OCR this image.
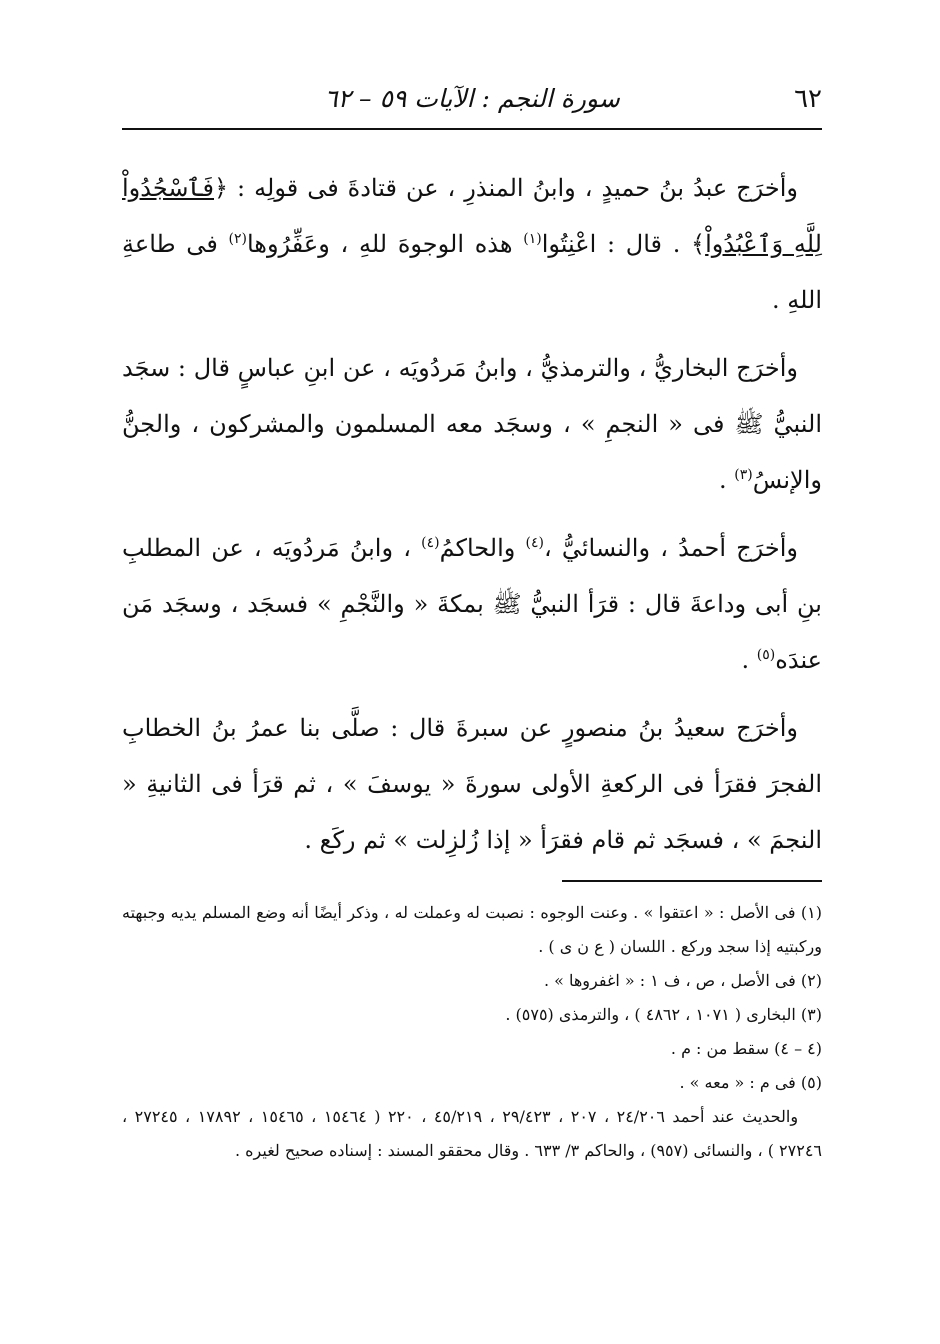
٦٢
سورة النجم : الآيات ٥٩ – ٦٢

وأخرَج عبدُ بنُ حميدٍ ، وابنُ المنذرِ ، عن قتادةَ فى قولِه : ﴿فَٱسْجُدُواْ لِلَّهِ وَٱعْبُدُواْ﴾ . قال : اعْنِتُوا$^{(١)}$ هذه الوجوهَ للهِ ، وعَفِّرُوها$^{(٢)}$ فى طاعةِ اللهِ .

وأخرَج البخاريُّ ، والترمذيُّ ، وابنُ مَردُويَه ، عن ابنِ عباسٍ قال : سجَد النبيُّ ﷺ فى « النجمِ » ، وسجَد معه المسلمون والمشركون ، والجنُّ والإنسُ$^{(٣)}$ .

وأخرَج أحمدُ ، والنسائيُّ ،$^{(٤)}$ والحاكمُ$^{(٤)}$ ، وابنُ مَردُويَه ، عن المطلبِ بنِ أبى وداعةَ قال : قرَأ النبيُّ ﷺ بمكةَ « والنَّجْمِ » فسجَد ، وسجَد مَن عندَه$^{(٥)}$ .

وأخرَج سعيدُ بنُ منصورٍ عن سبرةَ قال : صلَّى بنا عمرُ بنُ الخطابِ الفجرَ فقرَأ فى الركعةِ الأولى سورةَ « يوسفَ » ، ثم قرَأ فى الثانيةِ « النجمَ » ، فسجَد ثم قام فقرَأ « إذا زُلزِلت » ثم ركَع .

(١) فى الأصل : « اعتقوا » . وعنت الوجوه : نصبت له وعملت له ، وذكر أيضًا أنه وضع المسلم يديه وجبهته وركبتيه إذا سجد وركع . اللسان ( ع ن ى ) .

(٢) فى الأصل ، ص ، ف ١ : « اغفروها » .

(٣) البخارى ( ١٠٧١ ، ٤٨٦٢ ) ، والترمذى (٥٧٥) .

(٤ – ٤) سقط من : م .

(٥) فى م : « معه » .

والحديث عند أحمد ٢٤/٢٠٦ ، ٢٠٧ ، ٢٩/٤٢٣ ، ٤٥/٢١٩ ، ٢٢٠ ( ١٥٤٦٤ ، ١٥٤٦٥ ، ١٧٨٩٢ ، ٢٧٢٤٥ ، ٢٧٢٤٦ ) ، والنسائى (٩٥٧) ، والحاكم ٣/ ٦٣٣ . وقال محققو المسند : إسناده صحيح لغيره .
